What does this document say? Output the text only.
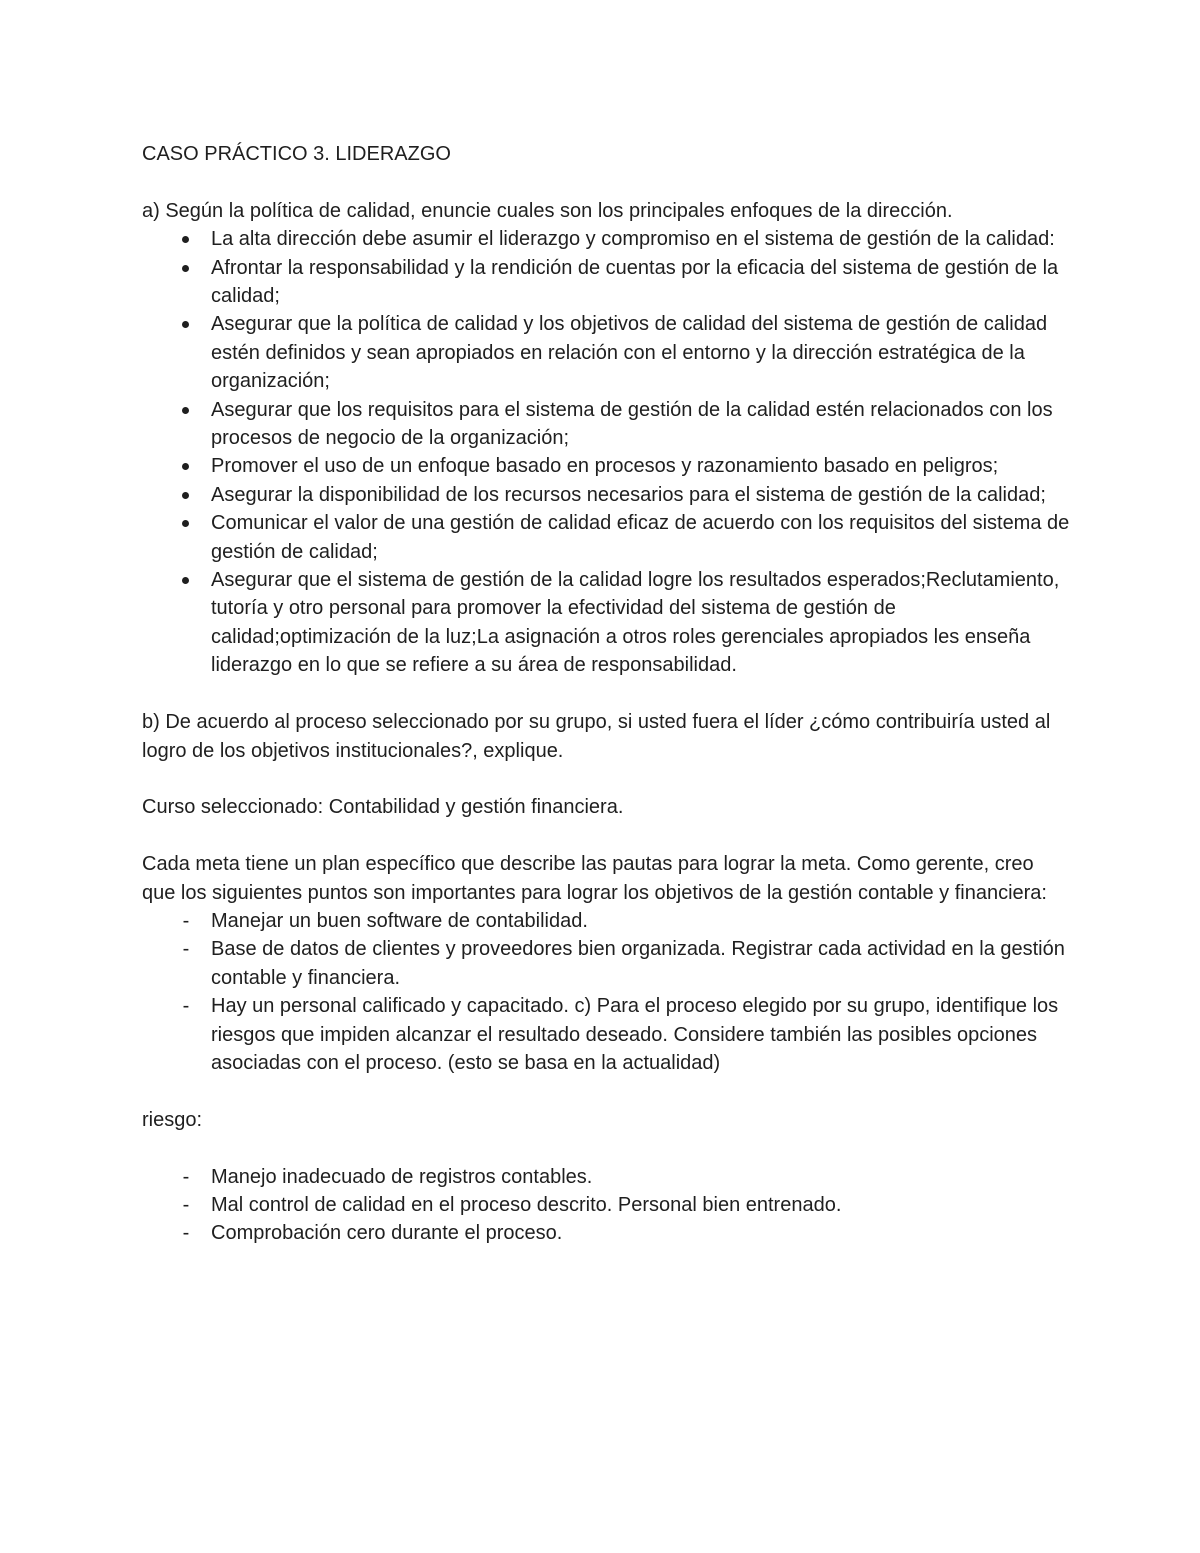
CASO PRÁCTICO 3. LIDERAZGO

a) Según la política de calidad, enuncie cuales son los principales enfoques de la dirección.

La alta dirección debe asumir el liderazgo y compromiso en el sistema de gestión de la calidad:
Afrontar la responsabilidad y la rendición de cuentas por la eficacia del sistema de gestión de la calidad;
Asegurar que la política de calidad y los objetivos de calidad del sistema de gestión de calidad estén definidos y sean apropiados en relación con el entorno y la dirección estratégica de la organización;
Asegurar que los requisitos para el sistema de gestión de la calidad estén relacionados con los procesos de negocio de la organización;
Promover el uso de un enfoque basado en procesos y razonamiento basado en peligros;
Asegurar la disponibilidad de los recursos necesarios para el sistema de gestión de la calidad;
Comunicar el valor de una gestión de calidad eficaz de acuerdo con los requisitos del sistema de gestión de calidad;
Asegurar que el sistema de gestión de la calidad logre los resultados esperados;Reclutamiento, tutoría y otro personal para promover la efectividad del sistema de gestión de calidad;optimización de la luz;La asignación a otros roles gerenciales apropiados les enseña liderazgo en lo que se refiere a su área de responsabilidad.

b) De acuerdo al proceso seleccionado por su grupo, si usted fuera el líder ¿cómo contribuiría usted al logro de los objetivos institucionales?, explique.

Curso seleccionado: Contabilidad y gestión financiera.

Cada meta tiene un plan específico que describe las pautas para lograr la meta. Como gerente, creo que los siguientes puntos son importantes para lograr los objetivos de la gestión contable y financiera:

-	Manejar un buen software de contabilidad.
-	Base de datos de clientes y proveedores bien organizada. Registrar cada actividad en la gestión contable y financiera.
-	Hay un personal calificado y capacitado. c) Para el proceso elegido por su grupo, identifique los riesgos que impiden alcanzar el resultado deseado. Considere también las posibles opciones asociadas con el proceso. (esto se basa en la actualidad)

riesgo:

-	Manejo inadecuado de registros contables.
-	Mal control de calidad en el proceso descrito. Personal bien entrenado.
-	Comprobación cero durante el proceso.
